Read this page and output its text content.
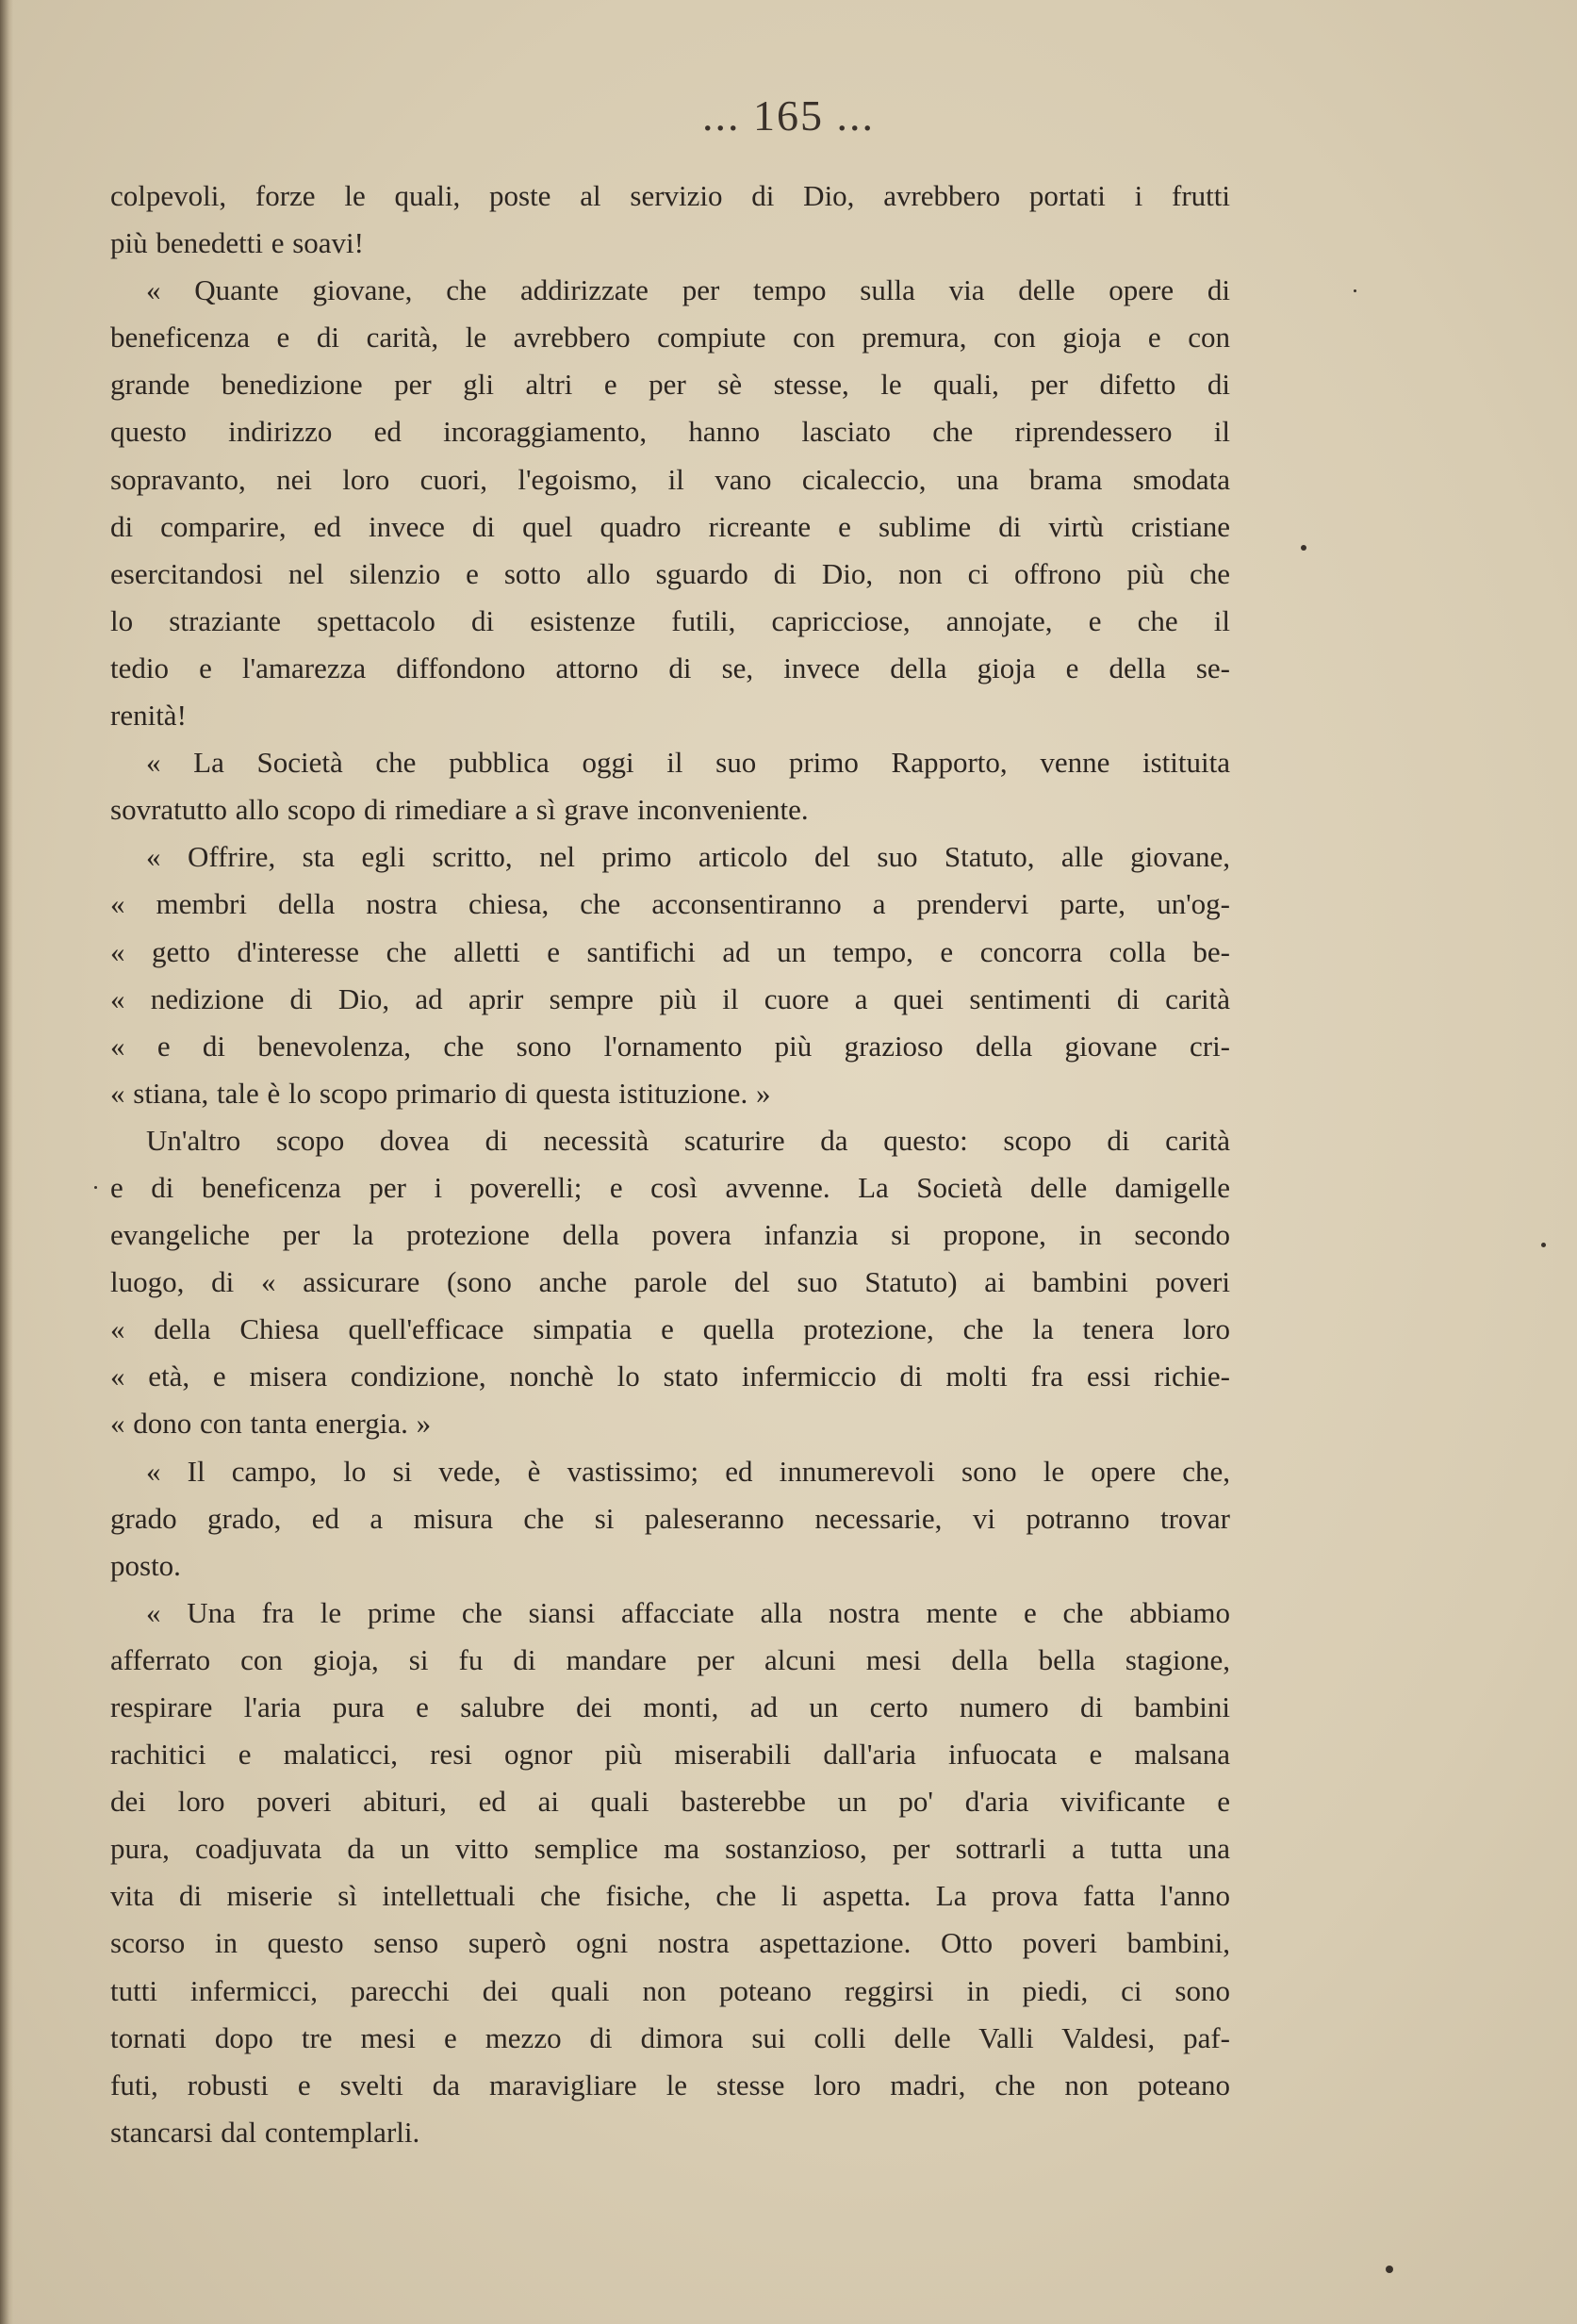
... 165 ...
colpevoli, forze le quali, poste al servizio di Dio, avrebbero portati i frutti
più benedetti e soavi!
« Quante giovane, che addirizzate per tempo sulla via delle opere di
beneficenza e di carità, le avrebbero compiute con premura, con gioja e con
grande benedizione per gli altri e per sè stesse, le quali, per difetto di
questo indirizzo ed incoraggiamento, hanno lasciato che riprendessero il
sopravanto, nei loro cuori, l'egoismo, il vano cicaleccio, una brama smodata
di comparire, ed invece di quel quadro ricreante e sublime di virtù cristiane
esercitandosi nel silenzio e sotto allo sguardo di Dio, non ci offrono più che
lo straziante spettacolo di esistenze futili, capricciose, annojate, e che il
tedio e l'amarezza diffondono attorno di se, invece della gioja e della se-
renità!
« La Società che pubblica oggi il suo primo Rapporto, venne istituita
sovratutto allo scopo di rimediare a sì grave inconveniente.
« Offrire, sta egli scritto, nel primo articolo del suo Statuto, alle giovane,
« membri della nostra chiesa, che acconsentiranno a prendervi parte, un'og-
« getto d'interesse che alletti e santifichi ad un tempo, e concorra colla be-
« nedizione di Dio, ad aprir sempre più il cuore a quei sentimenti di carità
« e di benevolenza, che sono l'ornamento più grazioso della giovane cri-
« stiana, tale è lo scopo primario di questa istituzione. »
Un'altro scopo dovea di necessità scaturire da questo: scopo di carità
e di beneficenza per i poverelli; e così avvenne. La Società delle damigelle
evangeliche per la protezione della povera infanzia si propone, in secondo
luogo, di « assicurare (sono anche parole del suo Statuto) ai bambini poveri
« della Chiesa quell'efficace simpatia e quella protezione, che la tenera loro
« età, e misera condizione, nonchè lo stato infermiccio di molti fra essi richie-
« dono con tanta energia. »
« Il campo, lo si vede, è vastissimo; ed innumerevoli sono le opere che,
grado grado, ed a misura che si paleseranno necessarie, vi potranno trovar
posto.
« Una fra le prime che siansi affacciate alla nostra mente e che abbiamo
afferrato con gioja, si fu di mandare per alcuni mesi della bella stagione,
respirare l'aria pura e salubre dei monti, ad un certo numero di bambini
rachitici e malaticci, resi ognor più miserabili dall'aria infuocata e malsana
dei loro poveri abituri, ed ai quali basterebbe un po' d'aria vivificante e
pura, coadjuvata da un vitto semplice ma sostanzioso, per sottrarli a tutta una
vita di miserie sì intellettuali che fisiche, che li aspetta. La prova fatta l'anno
scorso in questo senso superò ogni nostra aspettazione. Otto poveri bambini,
tutti infermicci, parecchi dei quali non poteano reggirsi in piedi, ci sono
tornati dopo tre mesi e mezzo di dimora sui colli delle Valli Valdesi, paf-
futi, robusti e svelti da maravigliare le stesse loro madri, che non poteano
stancarsi dal contemplarli.
